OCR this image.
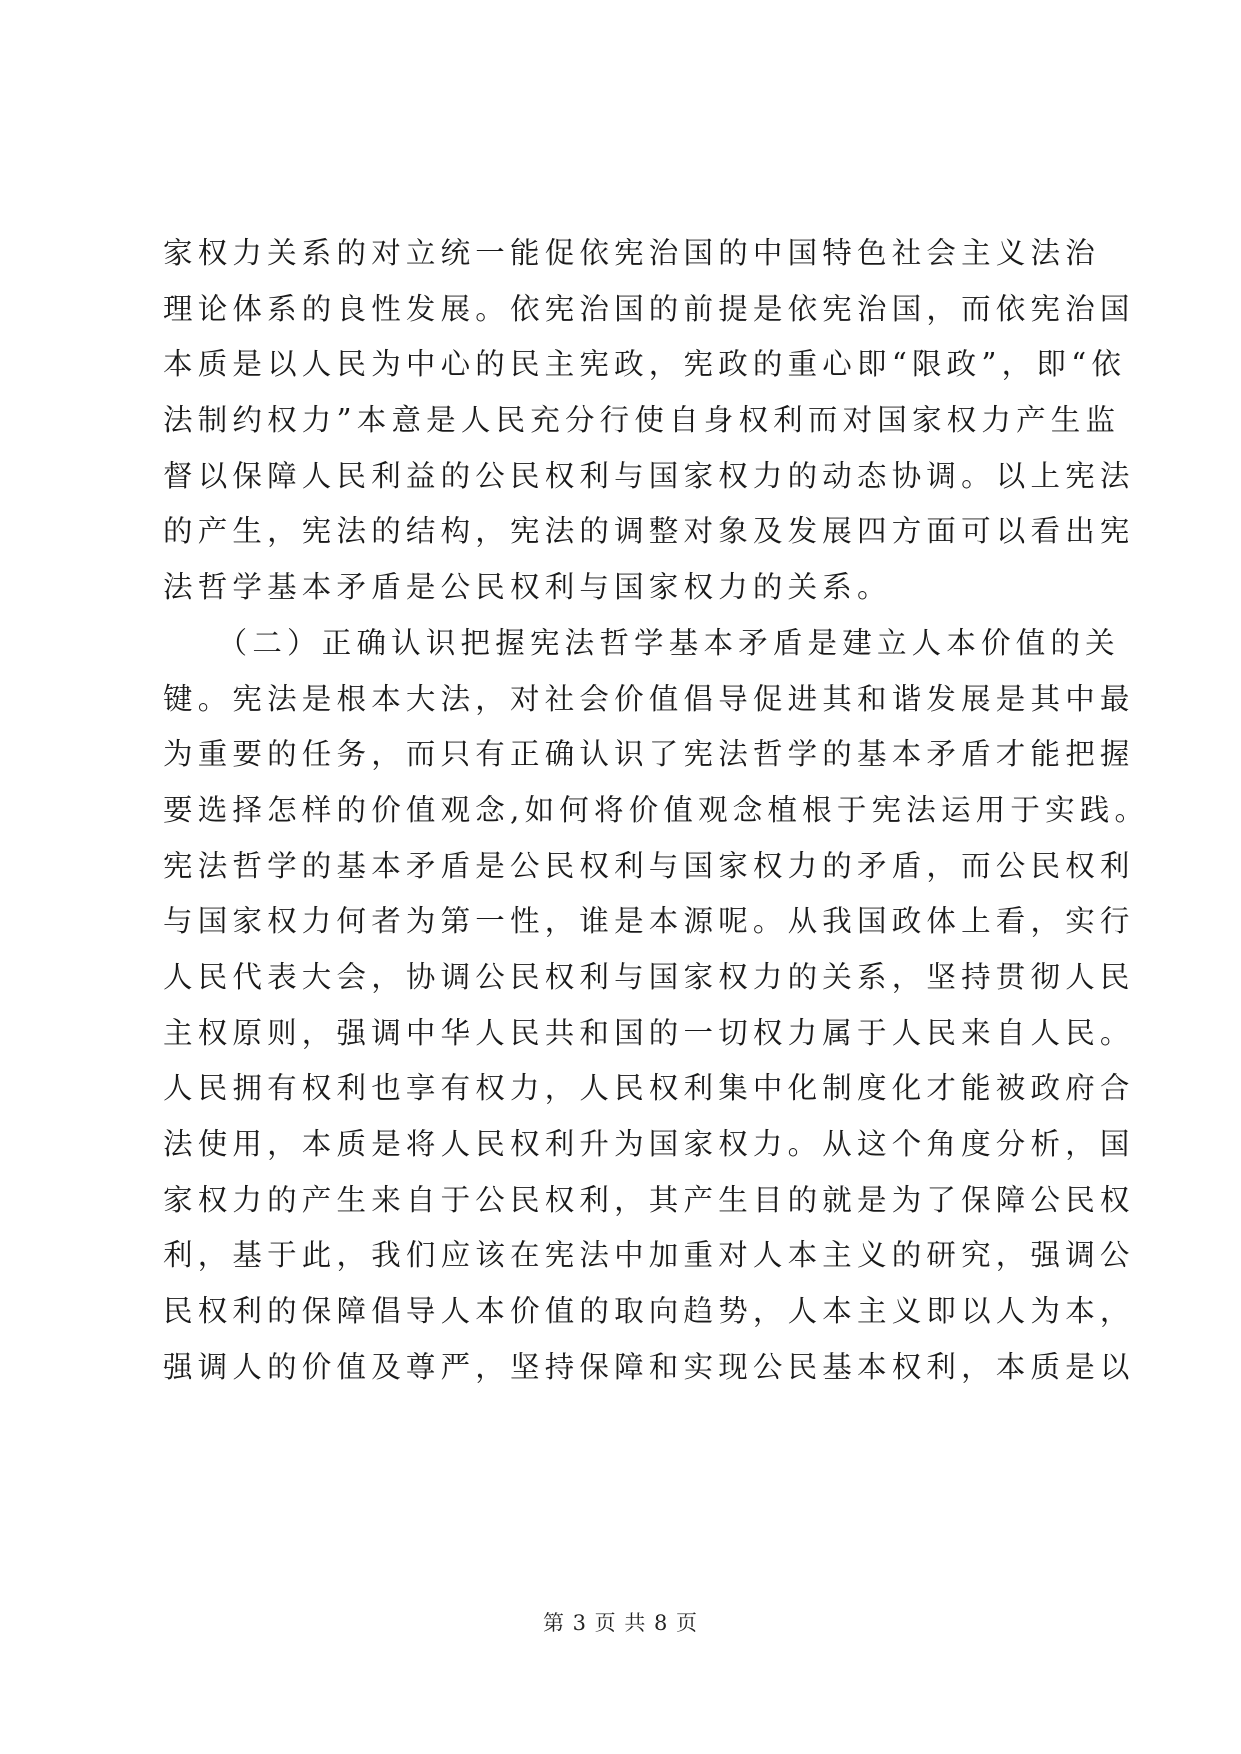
家权力关系的对立统一能促依宪治国的中国特色社会主义法治
理论体系的良性发展。依宪治国的前提是依宪治国，而依宪治国
本质是以人民为中心的民主宪政，宪政的重心即“限政”，即“依
法制约权力”本意是人民充分行使自身权利而对国家权力产生监
督以保障人民利益的公民权利与国家权力的动态协调。以上宪法
的产生，宪法的结构，宪法的调整对象及发展四方面可以看出宪
法哲学基本矛盾是公民权利与国家权力的关系。
　　（二）正确认识把握宪法哲学基本矛盾是建立人本价值的关
键。宪法是根本大法，对社会价值倡导促进其和谐发展是其中最
为重要的任务，而只有正确认识了宪法哲学的基本矛盾才能把握
要选择怎样的价值观念,如何将价值观念植根于宪法运用于实践。
宪法哲学的基本矛盾是公民权利与国家权力的矛盾，而公民权利
与国家权力何者为第一性，谁是本源呢。从我国政体上看，实行
人民代表大会，协调公民权利与国家权力的关系，坚持贯彻人民
主权原则，强调中华人民共和国的一切权力属于人民来自人民。
人民拥有权利也享有权力，人民权利集中化制度化才能被政府合
法使用，本质是将人民权利升为国家权力。从这个角度分析，国
家权力的产生来自于公民权利，其产生目的就是为了保障公民权
利，基于此，我们应该在宪法中加重对人本主义的研究，强调公
民权利的保障倡导人本价值的取向趋势，人本主义即以人为本，
强调人的价值及尊严，坚持保障和实现公民基本权利，本质是以
第 3 页 共 8 页
